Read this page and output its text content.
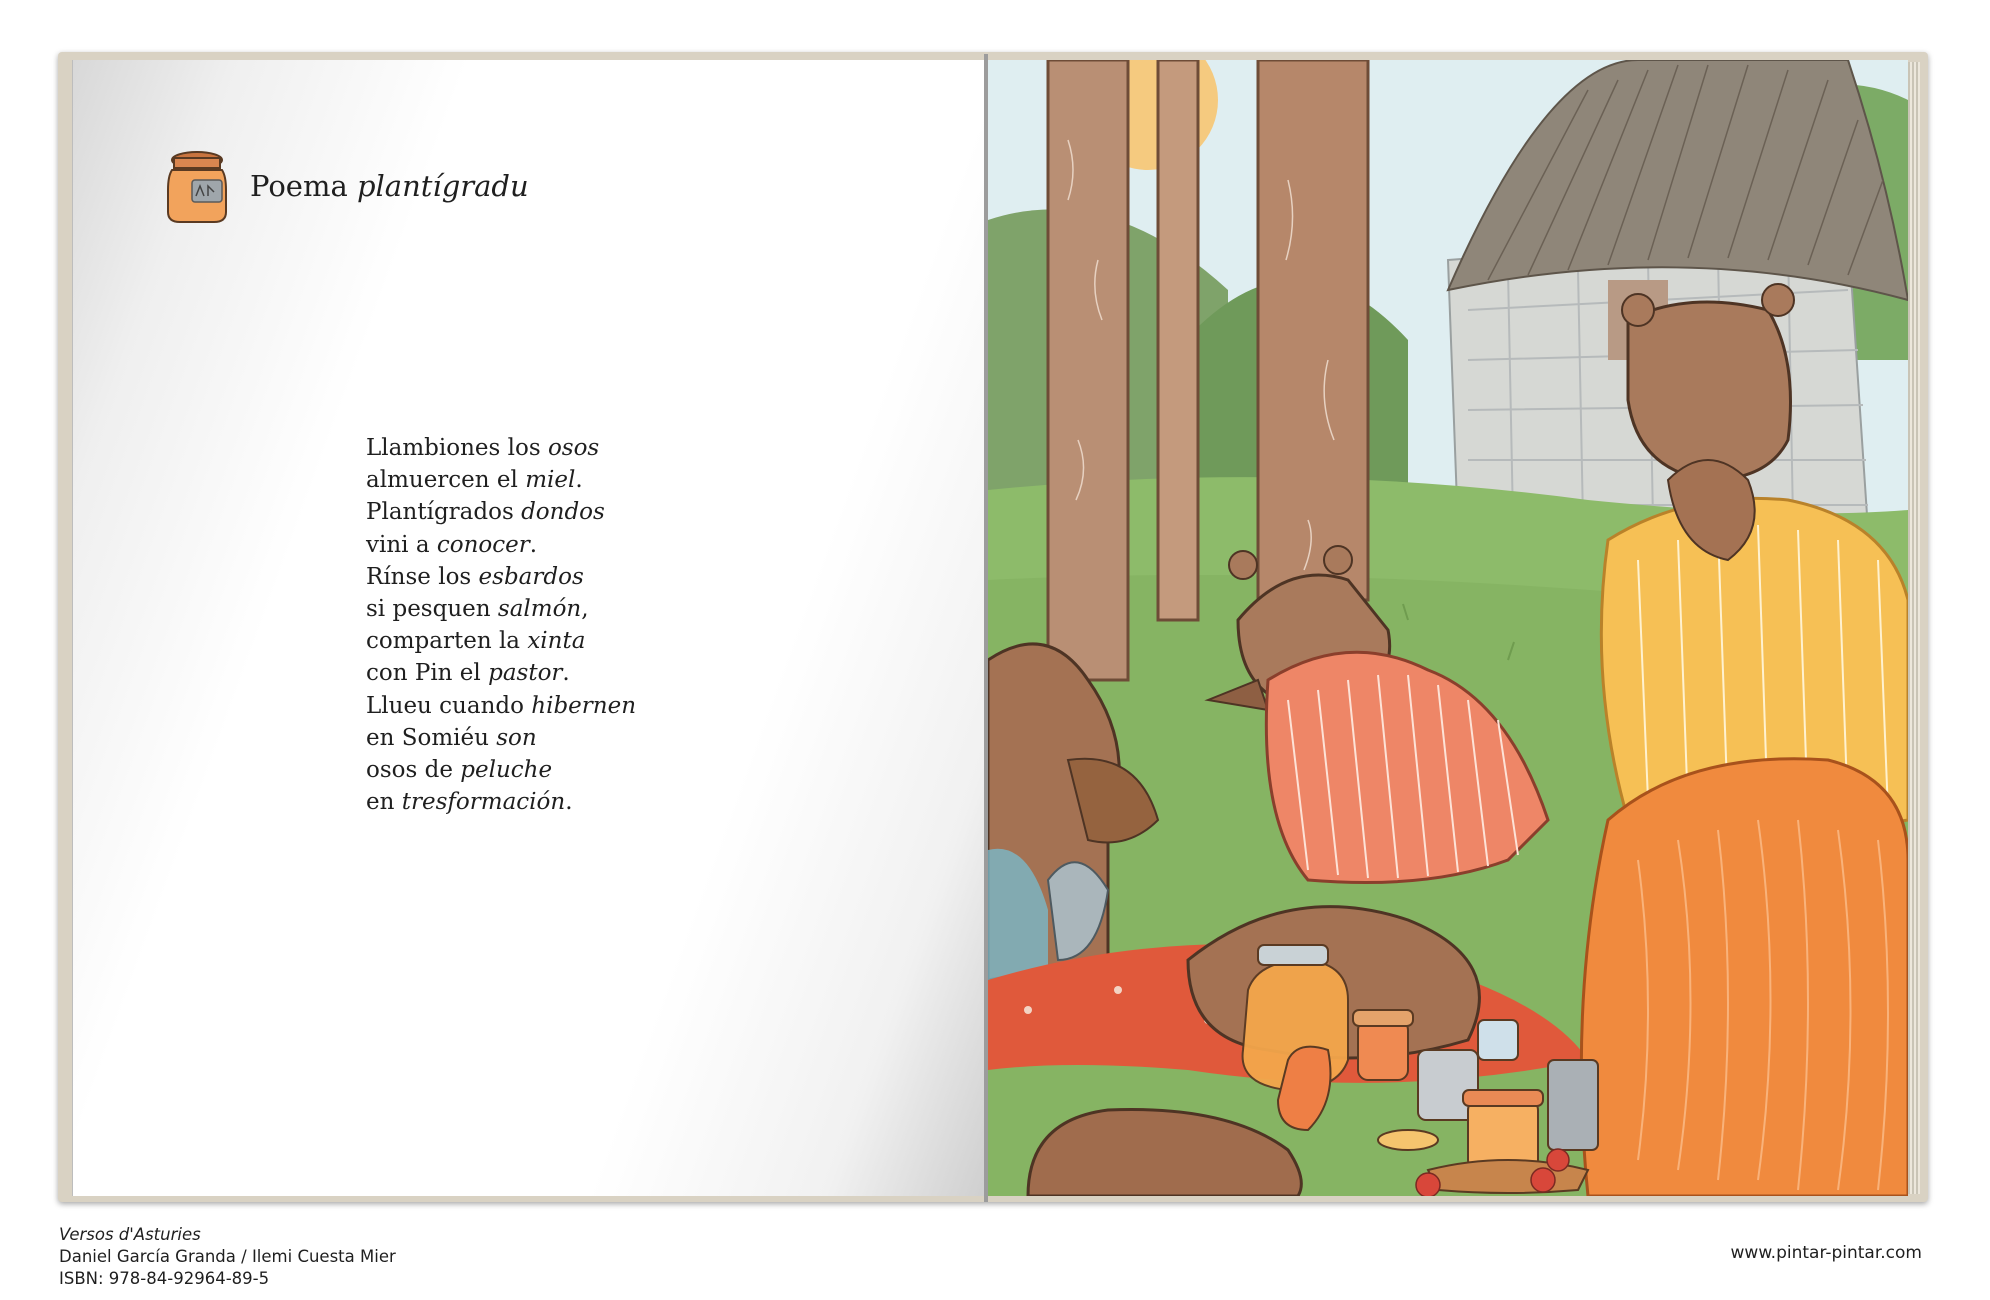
Poema plantígradu
Llambiones los osos
almuercen el miel.
Plantígrados dondos
vini a conocer.
Rínse los esbardos
si pesquen salmón,
comparten la xinta
con Pin el pastor.
Llueu cuando hibernen
en Somiéu son
osos de peluche
en tresformación.
Versos d'Asturies
Daniel García Granda / Ilemi Cuesta Mier
ISBN: 978-84-92964-89-5
www.pintar-pintar.com
